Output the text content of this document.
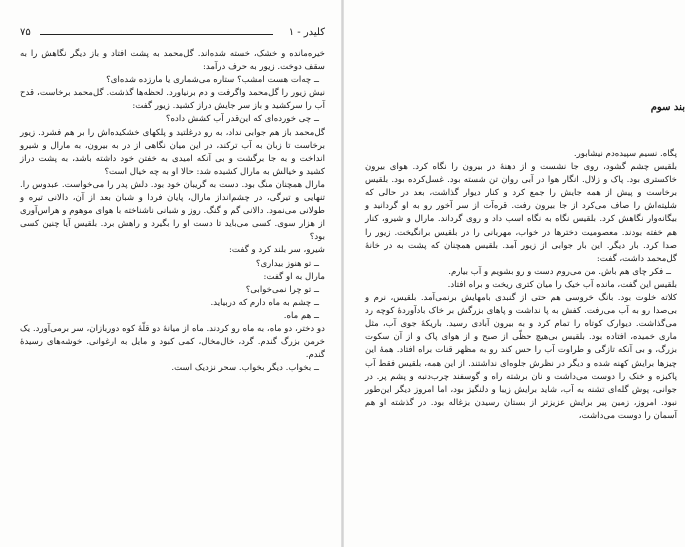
۷۵	کلیدر - ۱

خیره‌مانده و خشک، خسته شده‌اند. گل‌محمد به پشت افتاد و باز دیگر نگاهش را به سقف دوخت. زیور به حرف درآمد:

ــ چه‌ات هست امشب؟ ستاره می‌شماری یا مارزده شده‌ای؟

نیش زیور را گل‌محمد واگرفت و دم برنیاورد. لحظه‌ها گذشت. گل‌محمد برخاست، قدح آب را سرکشید و باز سر جایش دراز کشید. زیور گفت:

ــ چی خورده‌ای که این‌قدر آب کشش داده؟

گل‌محمد باز هم جوابی نداد، به رو درغلتید و پلکهای خشکیده‌اش را بر هم فشرد. زیور برخاست تا زبان به آب ترکند، در این میان نگاهی از در به بیرون، به مارال و شیرو انداخت و به جا برگشت و بی آنکه امیدی به خفتن خود داشته باشد، به پشت دراز کشید و خیالش به مارال کشیده شد: حالا او به چه خیال است؟

مارال همچنان منگ بود. دست به گریبان خود بود. دلش پدر را می‌خواست. عبدوس را. تنهایی و تیرگی، در چشم‌انداز مارال، پایان فردا و شبان بعد از آن، دالانی تیره و طولانی می‌نمود. دالانی گم و گنگ. روز و شبانی ناشناخته با هوای موهوم و هراس‌آوری از هزار سوی. کسی می‌باید تا دست او را بگیرد و راهش برد. بلقیس آیا چنین کسی بود؟

شیرو، سر بلند کرد و گفت:

ــ تو هنوز بیداری؟

مارال به او گفت:

ــ تو چرا نمی‌خوابی؟

ــ چشم به ماه دارم که دربیاید.

ــ هم ماه.

دو دختر، دو ماه، به ماه رو کردند. ماه از میانۀ دو قلّۀ کوه دوربازان، سر برمی‌آورد. یک خرمن بزرگ گندم. گرد، خال‌مخال، کمی کبود و مایل به ارغوانی. خوشه‌های رسیدۀ گندم.

ــ بخواب. دیگر بخواب. سحر نزدیک است.

بند سوم

پگاه. نسیم سپیده‌دم نیشابور.

بلقیس چشم گشود، روی جا نشست و از دهنۀ در بیرون را نگاه کرد. هوای بیرون خاکستری بود. پاک و زلال. انگار هوا در آبی روان تن شسته بود. غسل‌کرده بود. بلقیس برخاست و پیش از همه جایش را جمع کرد و کنار دیوار گذاشت، بعد در حالی که شلیته‌اش را صاف می‌کرد از جا بیرون رفت. قره‌آت از سر آخور رو به او گردانید و بیگانه‌وار نگاهش کرد. بلقیس نگاه به نگاه اسب داد و روی گرداند. مارال و شیرو، کنار هم خفته بودند. معصومیت دخترها در خواب، مهربانی را در بلقیس برانگیخت. زیور را صدا کرد. بار دیگر. این بار جوابی از زیور آمد. بلقیس همچنان که پشت به در خانۀ گل‌محمد داشت، گفت:

ــ فکر چای هم باش. من می‌روم دست و رو بشویم و آب بیارم.

بلقیس این گفت، مانده آب خیک را میان کتری ریخت و براه افتاد.

کلاته خلوت بود. بانگ خروسی هم حتی از گنبدی بامهایش برنمی‌آمد. بلقیس، نرم و بی‌صدا رو به آب می‌رفت. کفش به پا نداشت و پاهای بزرگش بر خاک بادآوردۀ کوچه رد می‌گذاشت. دیوارک کوتاه را تمام کرد و به بیرون آبادی رسید. باریکۀ جوی آب، مثل ماری خمیده، افتاده بود. بلقیس بی‌هیچ حظّی از صبح و از هوای پاک و از آن سکوت بزرگ، و بی آنکه تازگی و طراوت آب را حس کند رو به مظهر قنات براه افتاد. همۀ این چیزها برایش کهنه شده و دیگر در نظرش جلوه‌ای نداشتند. از این همه، بلقیس فقط آب پاکیزه و خنک را دوست می‌داشت و نان برشته راه و گوسفند چرب‌دنبه و پشم پر. در جوانی، پوش گله‌ای تشنه به آب، شاید برایش زیبا و دلنگیز بود، اما امروز دیگر این‌طور نبود. امروز، زمین پیر برایش عزیزتر از بستان رسیدن بزغاله بود. در گذشته او هم آسمان را دوست می‌داشت،
